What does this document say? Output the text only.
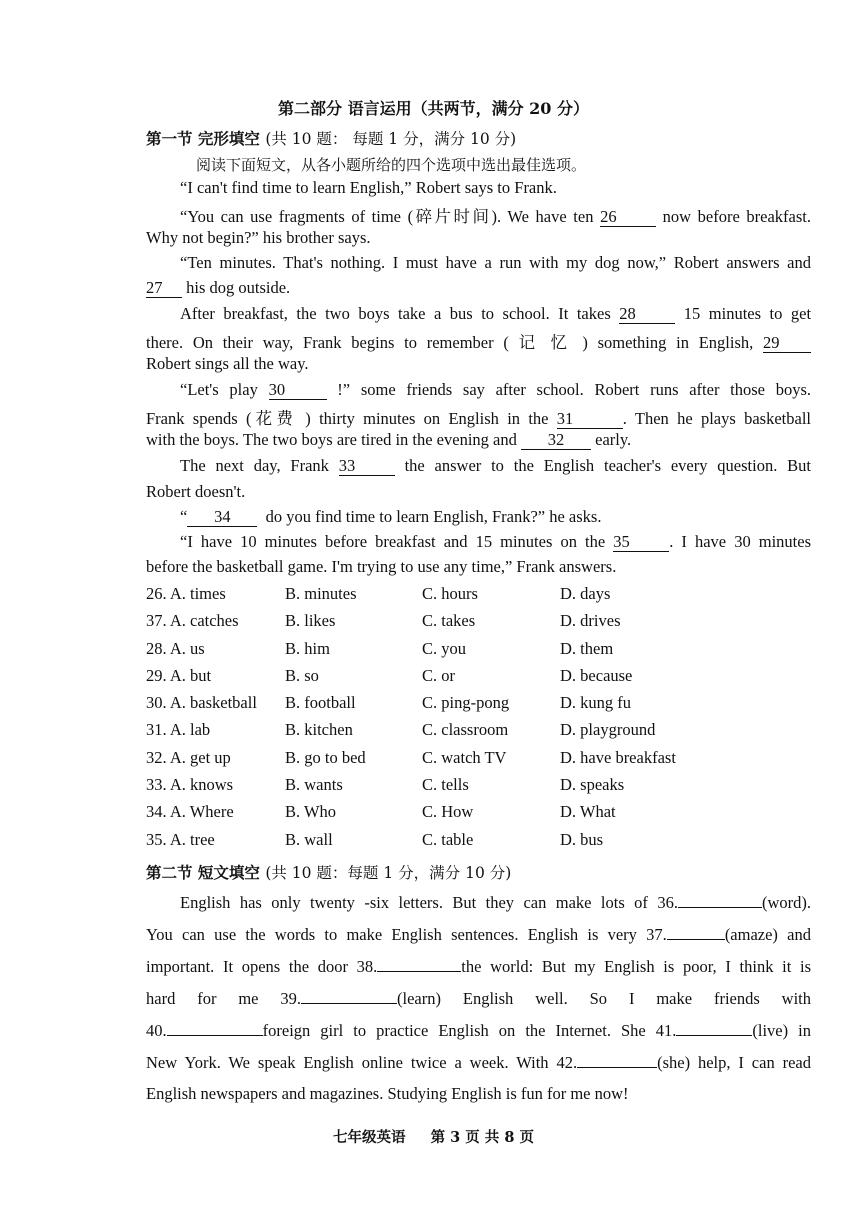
第二部分 语言运用（共两节，满分 20 分）
第一节 完形填空 (共 10 题： 每题 1 分，满分 10 分)
阅读下面短文，从各小题所给的四个选项中选出最佳选项。
“I can't find time to learn English,” Robert says to Frank.
“You can use fragments of time (碎片时间). We have ten 26	now before breakfast.
Why not begin?” his brother says.
“Ten minutes. That's nothing. I must have a run with my dog now,” Robert answers and
27 his dog outside.
After breakfast, the two boys take a bus to school. It takes 28	15 minutes to get
there. On their way, Frank begins to remember ( 记 忆 ) something in English, 29
Robert sings all the way.
“Let's play 30	!” some friends say after school. Robert runs after those boys.
Frank spends (花费 ) thirty minutes on English in the 31	. Then he plays basketball
with the boys. The two boys are tired in the evening and 32 early.
The next day, Frank 33	the answer to the English teacher's every question. But
Robert doesn't.
“ 34 do you find time to learn English, Frank?” he asks.
“I have 10 minutes before breakfast and 15 minutes on the 35 . I have 30 minutes
before the basketball game. I'm trying to use any time,” Frank answers.
26. A. times	B. minutes	C. hours	D. days
37. A. catches	B. likes	C. takes	D. drives
28. A. us	B. him	C. you	D. them
29. A. but	B. so	C. or	D. because
30. A. basketball B. football	C. ping-pong	D. kung fu
31. A. lab	B. kitchen	C. classroom	D. playground
32. A. get up	B. go to bed	C. watch TV	D. have breakfast
33. A. knows	B. wants	C. tells	D. speaks
34. A. Where	B. Who	C. How	D. What
35. A. tree	B. wall	C. table	D. bus
第二节 短文填空 (共 10 题：每题 1 分，满分 10 分)
English has only twenty -six letters. But they can make lots of 36.	(word).
You can use the words to make English sentences. English is very 37.	(amaze) and
important. It opens the door 38.	the world: But my English is poor, I think it is
hard for me 39.	(learn) English well. So I make friends with
40.	foreign girl to practice English on the Internet. She 41.	(live) in
New York. We speak English online twice a week. With 42.	(she) help, I can read
English newspapers and magazines. Studying English is fun for me now!
七年级英语 第 3 页 共 8 页
